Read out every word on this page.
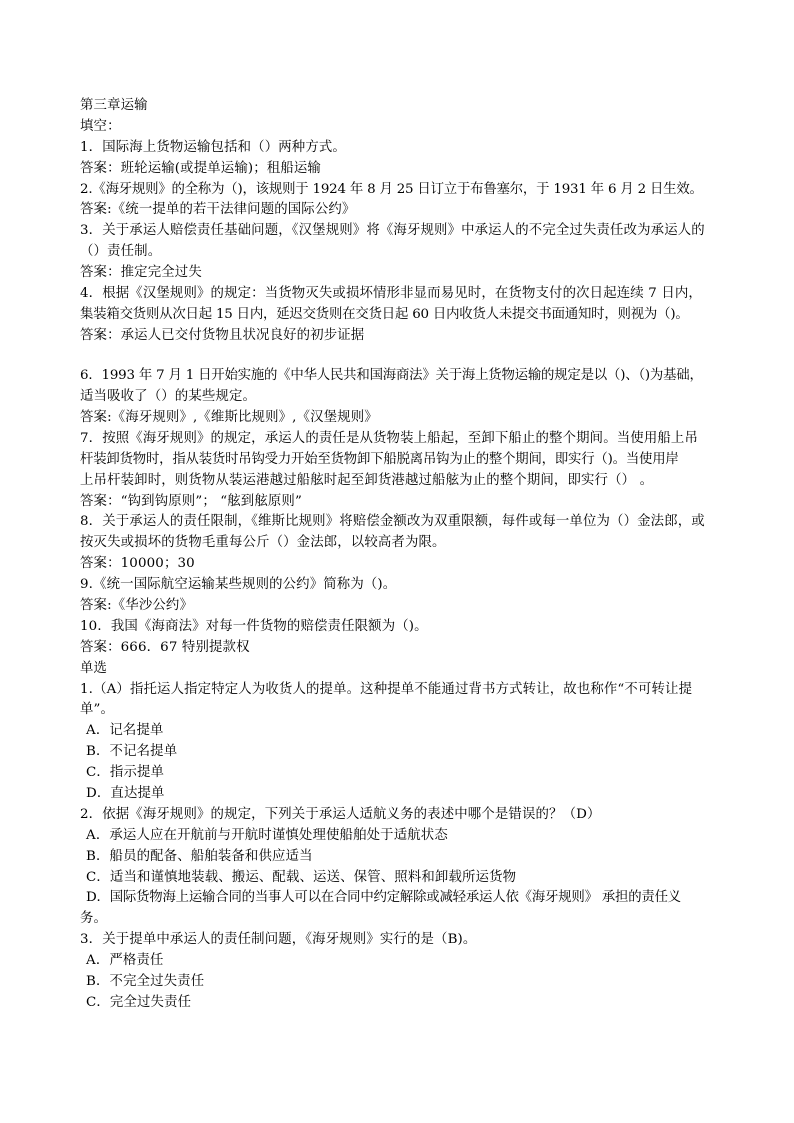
第三章运输
填空：
1．国际海上货物运输包括和（）两种方式。
答案：班轮运输(或提单运输)；租船运输
2.《海牙规则》的全称为（)，该规则于 1924 年 8 月 25 日订立于布鲁塞尔，于 1931 年 6 月 2 日生效。
答案:《统一提单的若干法律问题的国际公约》
3．关于承运人赔偿责任基础问题，《汉堡规则》将《海牙规则》中承运人的不完全过失责任改为承运人的
（）责任制。
答案：推定完全过失
4．根据《汉堡规则》的规定：当货物灭失或损坏情形非显而易见时，在货物支付的次日起连续 7 日内，
集装箱交货则从次日起 15 日内，延迟交货则在交货日起 60 日内收货人未提交书面通知时，则视为（)。
答案：承运人已交付货物且状况良好的初步证据
6．1993 年 7 月 1 日开始实施的《中华人民共和国海商法》关于海上货物运输的规定是以（)、（)为基础，
适当吸收了（）的某些规定。
答案:《海牙规则》,《维斯比规则》,《汉堡规则》
7．按照《海牙规则》的规定，承运人的责任是从货物装上船起，至卸下船止的整个期间。当使用船上吊
杆装卸货物时，指从装货时吊钩受力开始至货物卸下船脱离吊钩为止的整个期间，即实行（)。当使用岸
上吊杆装卸时，则货物从装运港越过船舷时起至卸货港越过船舷为止的整个期间，即实行（） 。
答案：“钩到钩原则”； “舷到舷原则”
8．关于承运人的责任限制，《维斯比规则》将赔偿金额改为双重限额，每件或每一单位为（）金法郎，或
按灭失或损坏的货物毛重每公斤（）金法郎，以较高者为限。
答案：10000；30
9.《统一国际航空运输某些规则的公约》简称为（)。
答案:《华沙公约》
10．我国《海商法》对每一件货物的赔偿责任限额为（)。
答案：666．67 特别提款权
单选
1.（A）指托运人指定特定人为收货人的提单。这种提单不能通过背书方式转让，故也称作“不可转让提
单”。
A．记名提单
B．不记名提单
C．指示提单
D．直达提单
2．依据《海牙规则》的规定，下列关于承运人适航义务的表述中哪个是错误的？（D）
A．承运人应在开航前与开航时谨慎处理使船舶处于适航状态
B．船员的配备、船舶装备和供应适当
C．适当和谨慎地装载、搬运、配载、运送、保管、照料和卸载所运货物
D．国际货物海上运输合同的当事人可以在合同中约定解除或减轻承运人依《海牙规则》 承担的责任义
务。
3．关于提单中承运人的责任制问题，《海牙规则》实行的是（B)。
A．严格责任
B．不完全过失责任
C．完全过失责任
